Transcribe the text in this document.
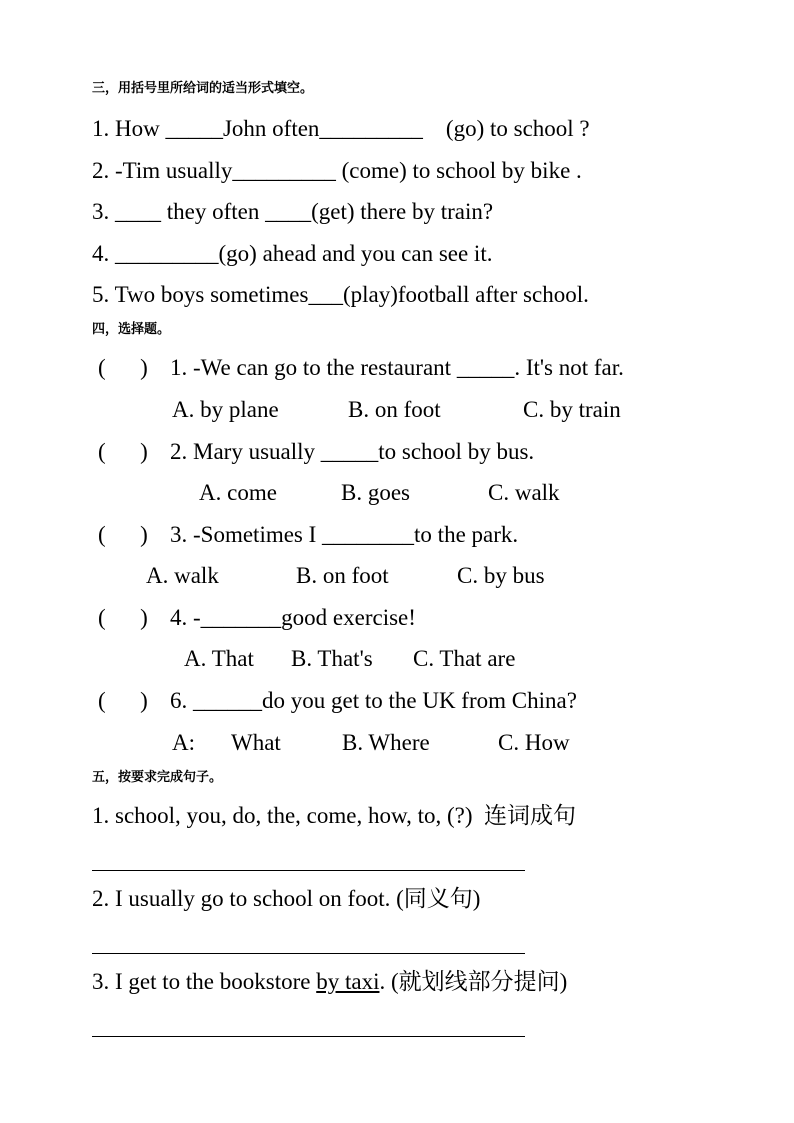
三，用括号里所给词的适当形式填空。
1. How _____John often_________    (go) to school ?
2. -Tim usually_________ (come) to school by bike .
3. ____ they often ____(get) there by train?
4. _________(go) ahead and you can see it.
5. Two boys sometimes___(play)football after school.
四，选择题。

(      )

1. -We can go to the restaurant _____. It's not far.

A. by plane	B. on foot	C. by train

(      )

2. Mary usually _____to school by bus.

A. come	B. goes	C. walk

(      )

3. -Sometimes I ________to the park.

A. walk	B. on foot	C. by bus

(      )

4. -_______good exercise!

A. That B. That's C. That are

(      )

6. ______do you get to the UK from China?

A: What	B. Where	C. How
五，按要求完成句子。
1. school, you, do, the, come, how, to, (?)  连词成句
2. I usually go to school on foot. (同义句)
3. I get to the bookstore by taxi. (就划线部分提问)
